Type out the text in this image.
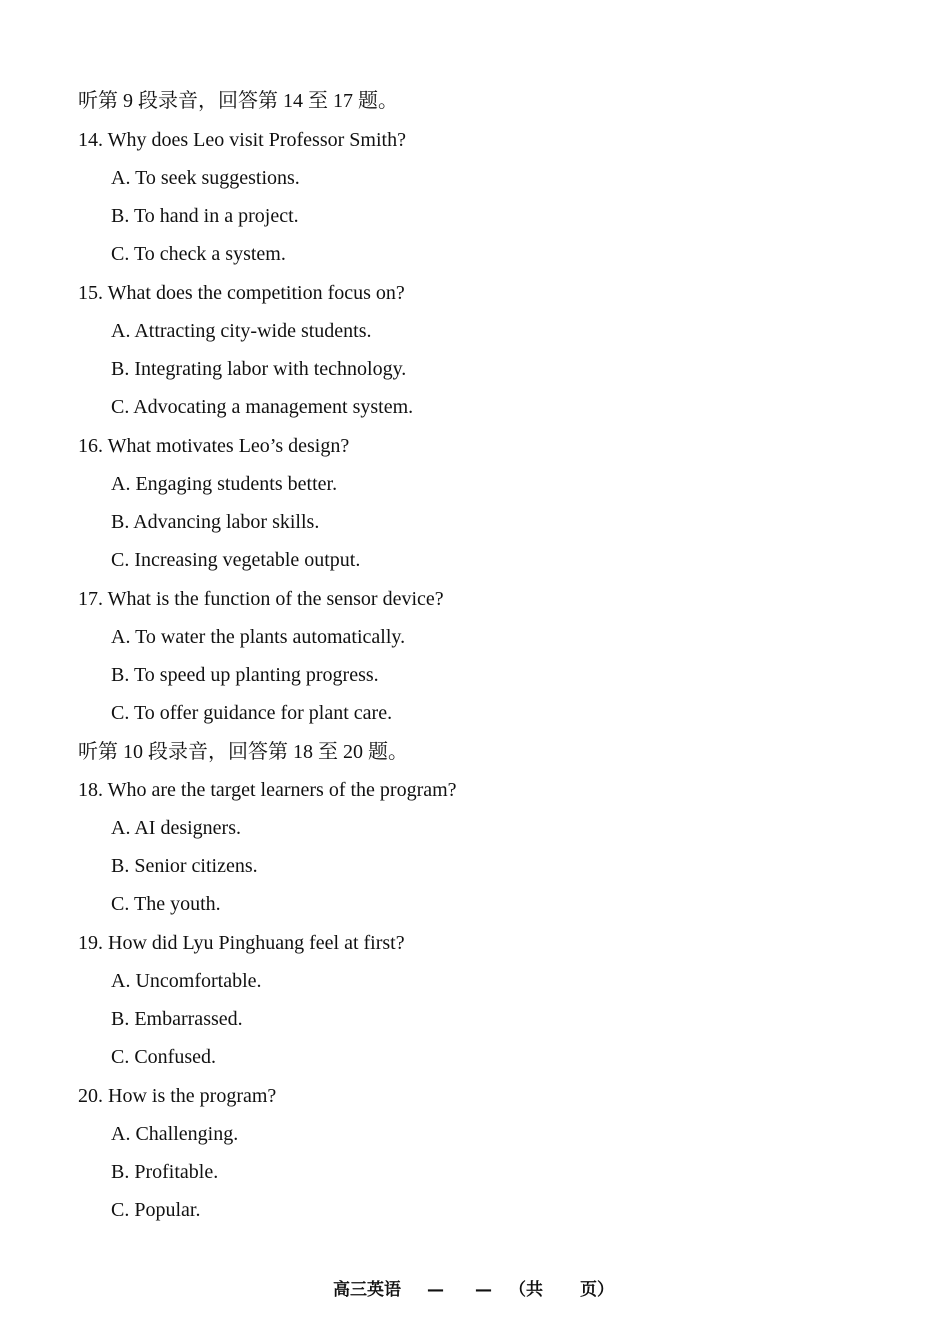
听第 9 段录音，回答第 14 至 17 题。
14. Why does Leo visit Professor Smith?
A. To seek suggestions.
B. To hand in a project.
C. To check a system.
15. What does the competition focus on?
A. Attracting city-wide students.
B. Integrating labor with technology.
C. Advocating a management system.
16. What motivates Leo’s design?
A. Engaging students better.
B. Advancing labor skills.
C. Increasing vegetable output.
17. What is the function of the sensor device?
A. To water the plants automatically.
B. To speed up planting progress.
C. To offer guidance for plant care.
听第 10 段录音，回答第 18 至 20 题。
18. Who are the target learners of the program?
A. AI designers.
B. Senior citizens.
C. The youth.
19. How did Lyu Pinghuang feel at first?
A. Uncomfortable.
B. Embarrassed.
C. Confused.
20. How is the program?
A. Challenging.
B. Profitable.
C. Popular.
高三英语 — — （共 页）
